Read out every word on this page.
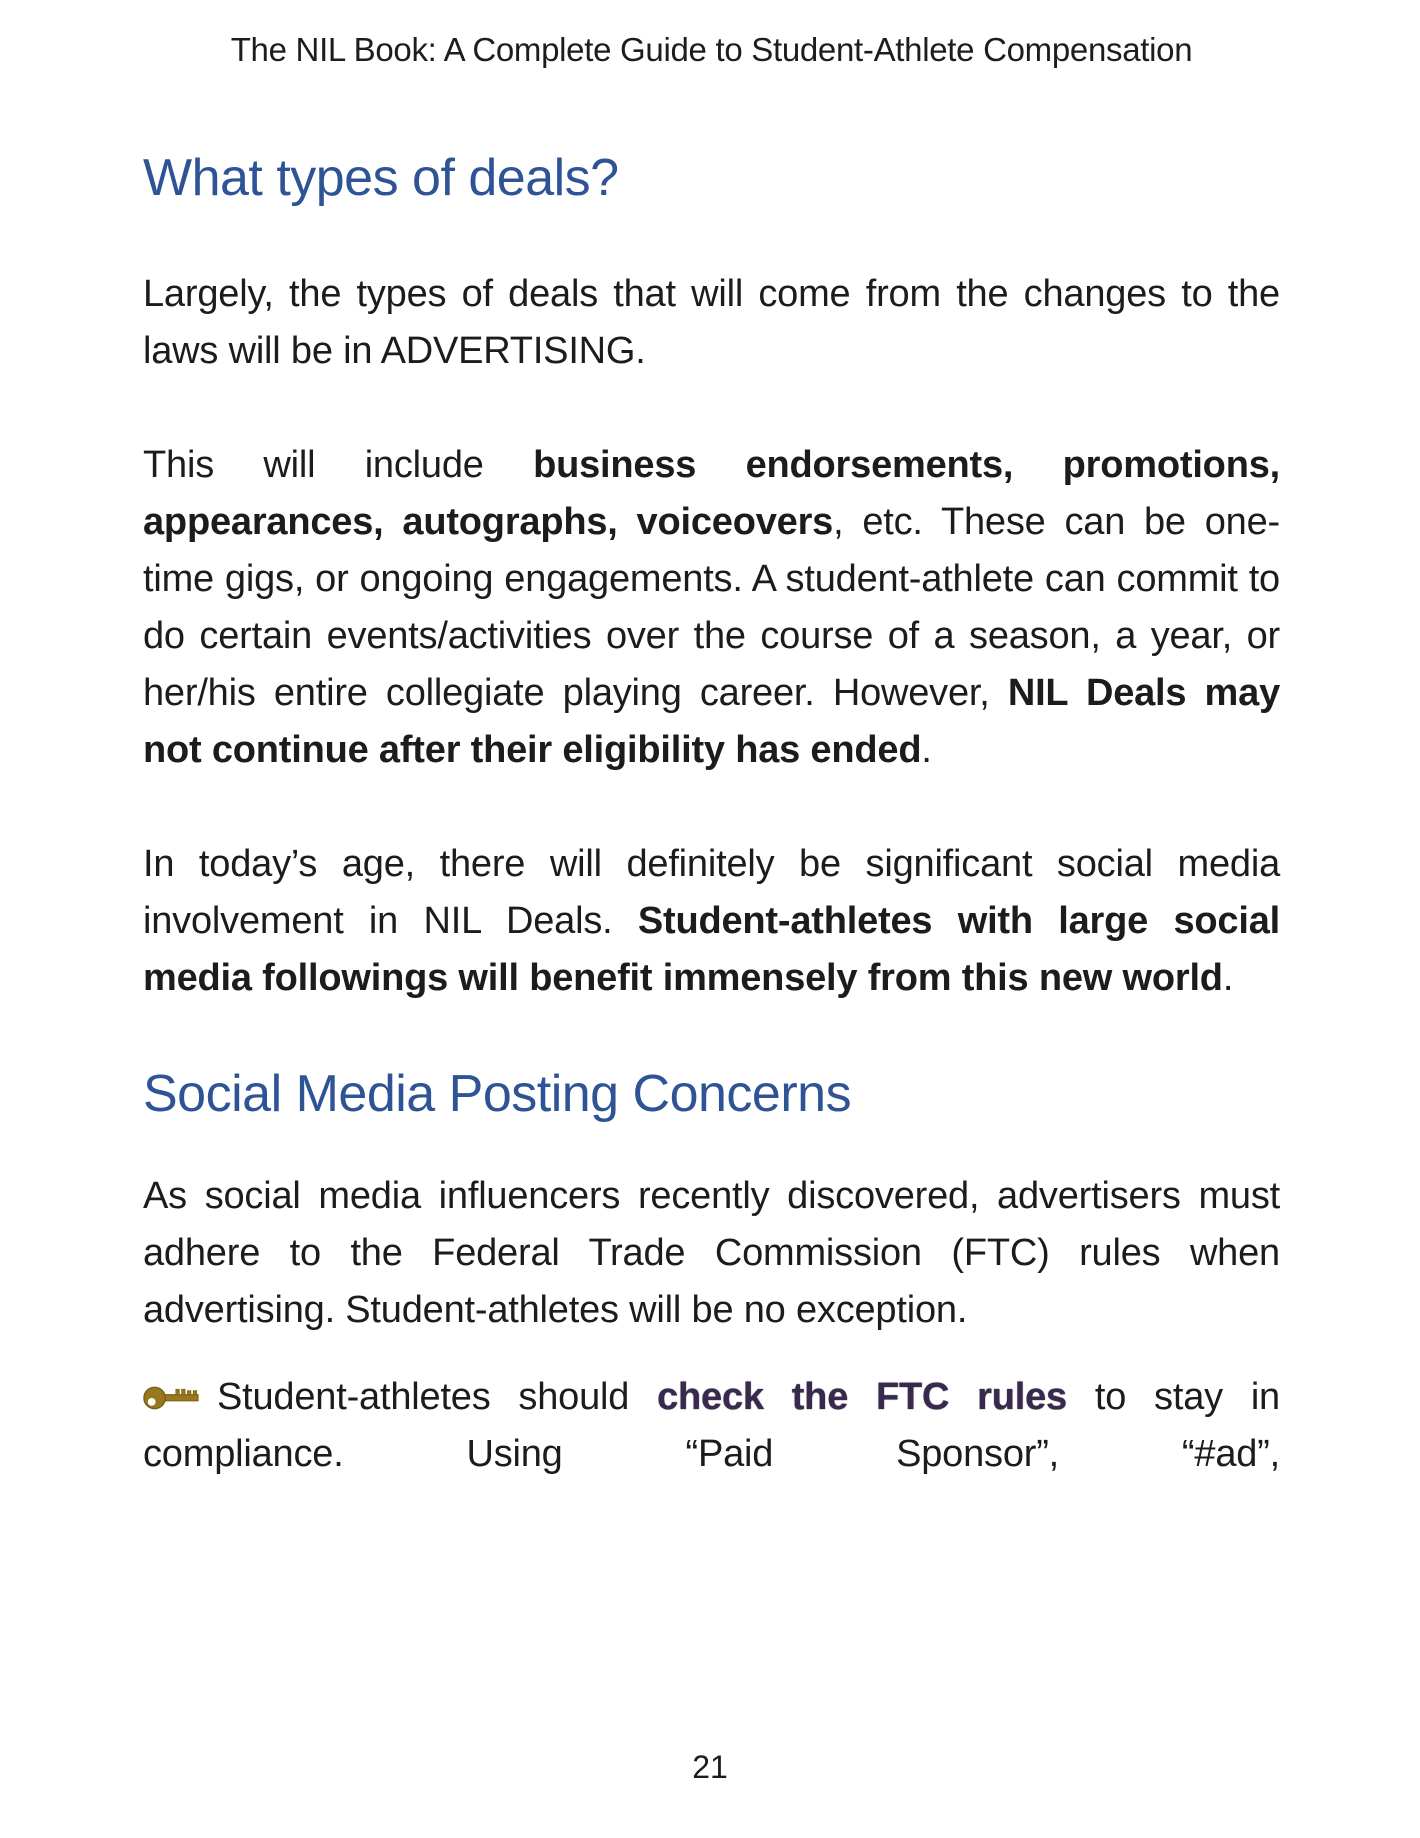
The NIL Book: A Complete Guide to Student-Athlete Compensation
What types of deals?

Largely, the types of deals that will come from the changes to the laws will be in ADVERTISING.

This will include business endorsements, promotions, appearances, autographs, voiceovers, etc. These can be one-time gigs, or ongoing engagements. A student-athlete can commit to do certain events/activities over the course of a season, a year, or her/his entire collegiate playing career. However, NIL Deals may not continue after their eligibility has ended.

In today’s age, there will definitely be significant social media involvement in NIL Deals. Student-athletes with large social media followings will benefit immensely from this new world.

Social Media Posting Concerns

As social media influencers recently discovered, advertisers must adhere to the Federal Trade Commission (FTC) rules when advertising. Student-athletes will be no exception.

Student-athletes should check the FTC rules to stay in compliance. Using “Paid Sponsor”, “#ad”,

21
